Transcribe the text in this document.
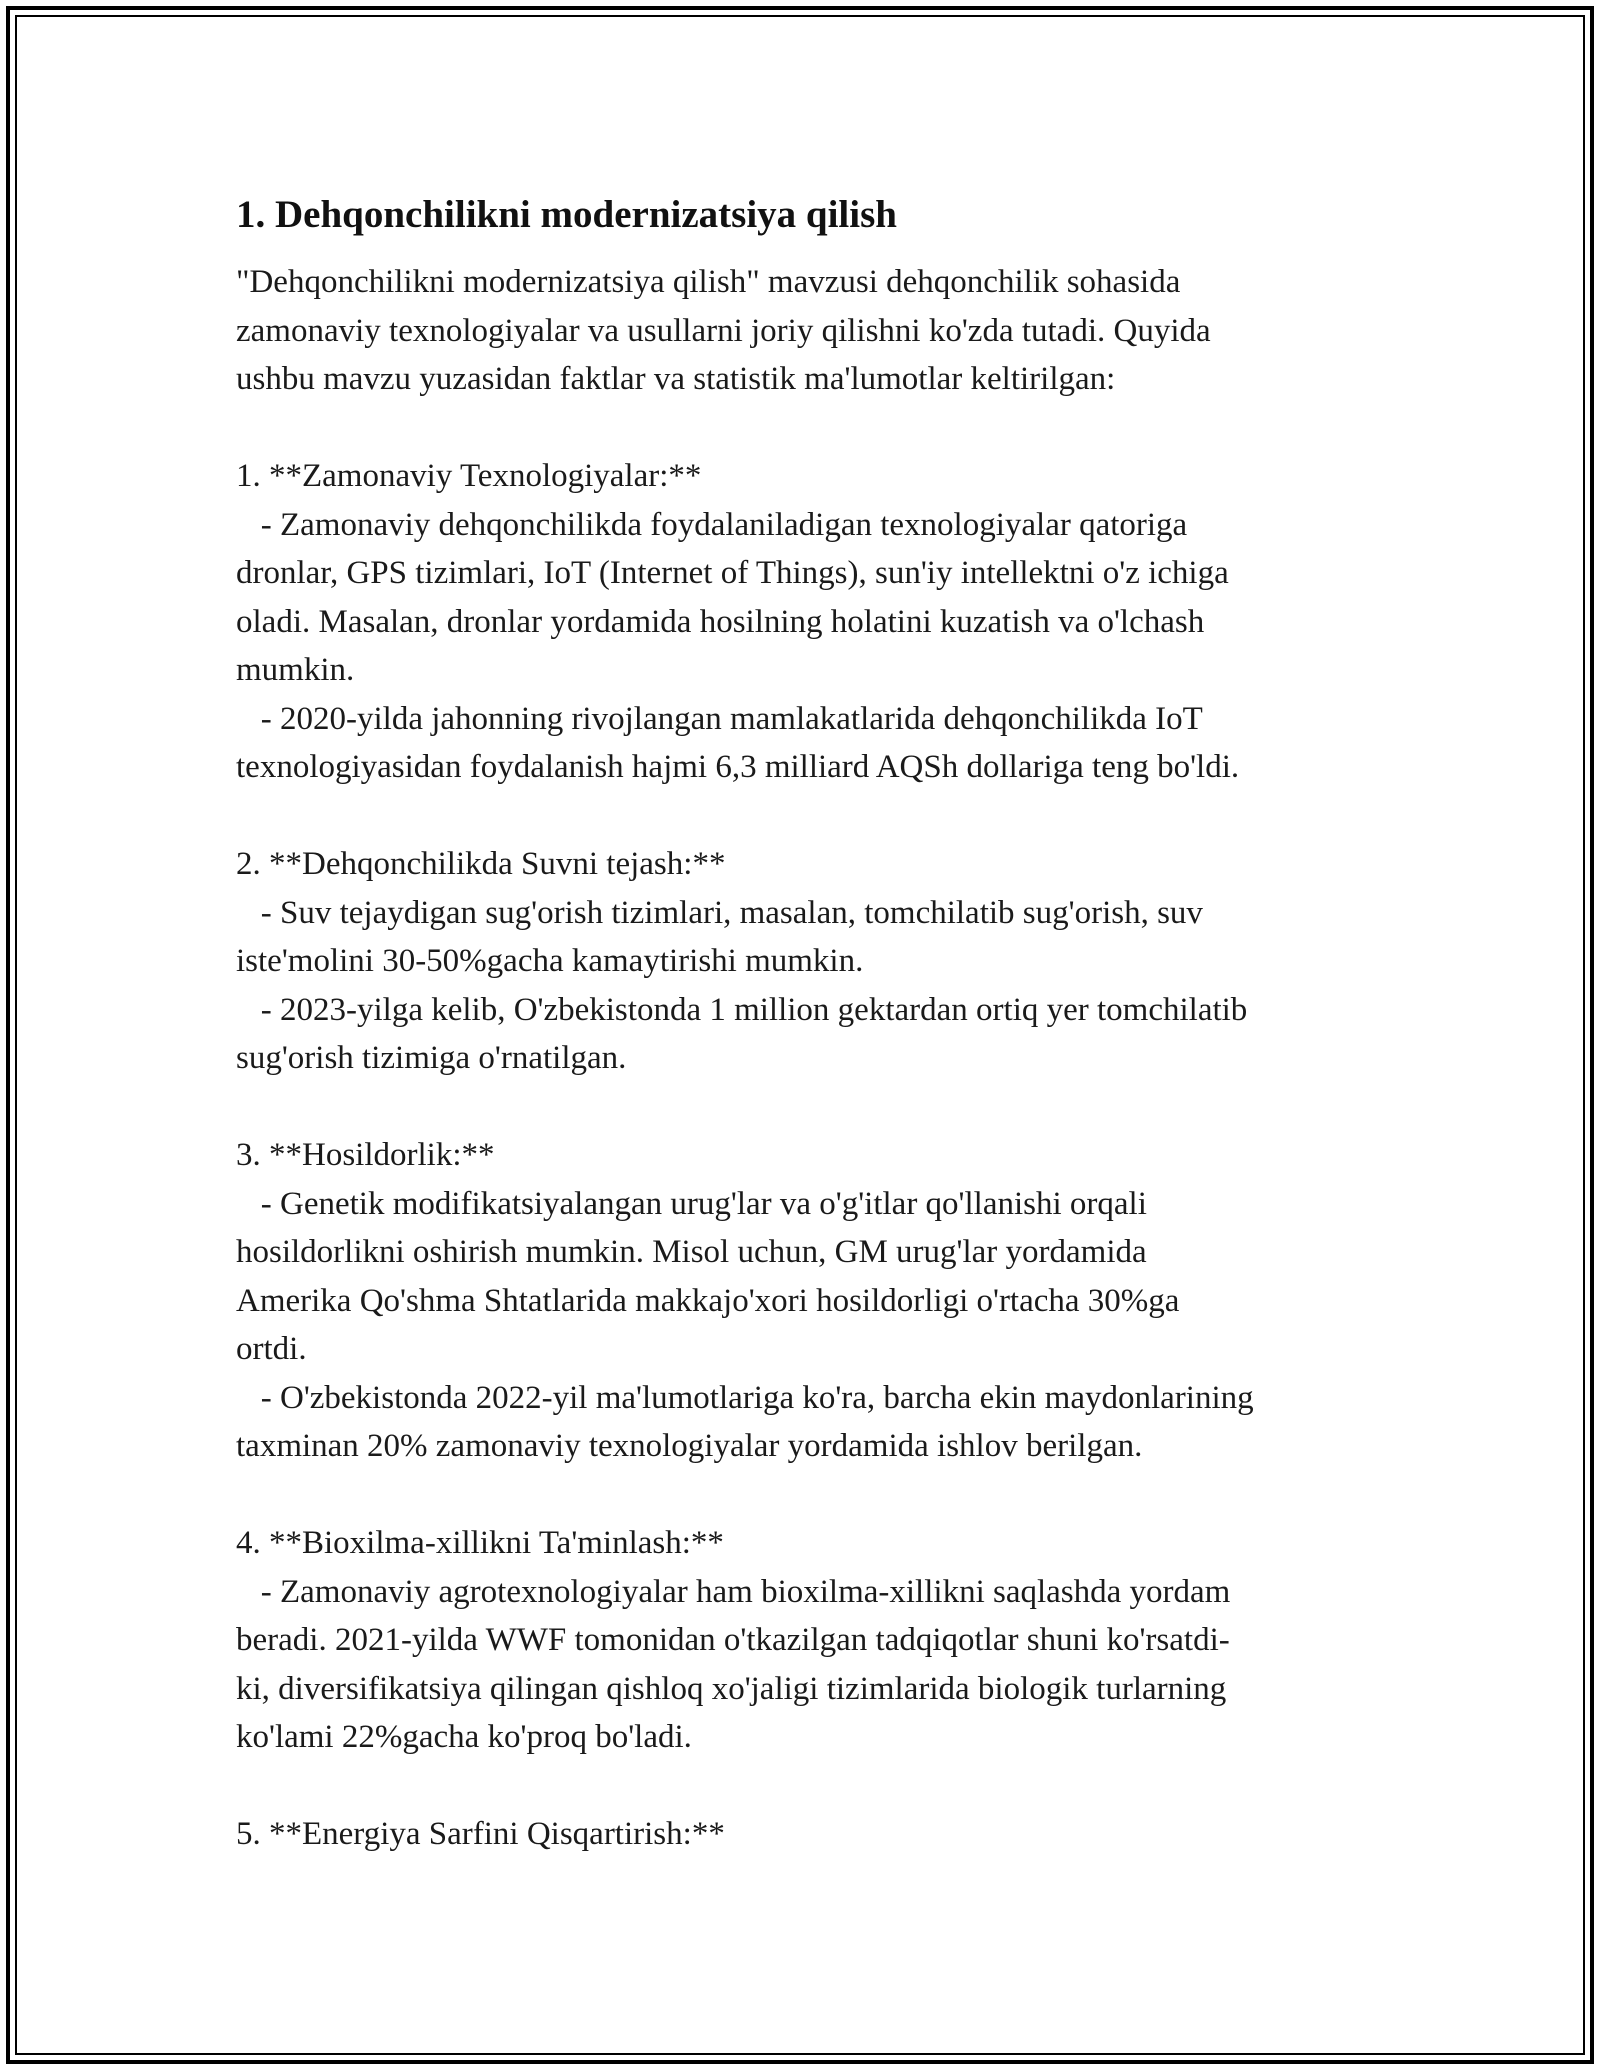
1. Dehqonchilikni modernizatsiya qilish

"Dehqonchilikni modernizatsiya qilish" mavzusi dehqonchilik sohasida
zamonaviy texnologiyalar va usullarni joriy qilishni ko'zda tutadi. Quyida
ushbu mavzu yuzasidan faktlar va statistik ma'lumotlar keltirilgan:

1. **Zamonaviy Texnologiyalar:**

- Zamonaviy dehqonchilikda foydalaniladigan texnologiyalar qatoriga
dronlar, GPS tizimlari, IoT (Internet of Things), sun'iy intellektni o'z ichiga
oladi. Masalan, dronlar yordamida hosilning holatini kuzatish va o'lchash
mumkin.

- 2020-yilda jahonning rivojlangan mamlakatlarida dehqonchilikda IoT
texnologiyasidan foydalanish hajmi 6,3 milliard AQSh dollariga teng bo'ldi.

2. **Dehqonchilikda Suvni tejash:**

- Suv tejaydigan sug'orish tizimlari, masalan, tomchilatib sug'orish, suv
iste'molini 30-50%gacha kamaytirishi mumkin.

- 2023-yilga kelib, O'zbekistonda 1 million gektardan ortiq yer tomchilatib
sug'orish tizimiga o'rnatilgan.

3. **Hosildorlik:**

- Genetik modifikatsiyalangan urug'lar va o'g'itlar qo'llanishi orqali
hosildorlikni oshirish mumkin. Misol uchun, GM urug'lar yordamida
Amerika Qo'shma Shtatlarida makkajo'xori hosildorligi o'rtacha 30%ga
ortdi.

- O'zbekistonda 2022-yil ma'lumotlariga ko'ra, barcha ekin maydonlarining
taxminan 20% zamonaviy texnologiyalar yordamida ishlov berilgan.

4. **Bioxilma-xillikni Ta'minlash:**

- Zamonaviy agrotexnologiyalar ham bioxilma-xillikni saqlashda yordam
beradi. 2021-yilda WWF tomonidan o'tkazilgan tadqiqotlar shuni ko'rsatdi-
ki, diversifikatsiya qilingan qishloq xo'jaligi tizimlarida biologik turlarning
ko'lami 22%gacha ko'proq bo'ladi.

5. **Energiya Sarfini Qisqartirish:**
